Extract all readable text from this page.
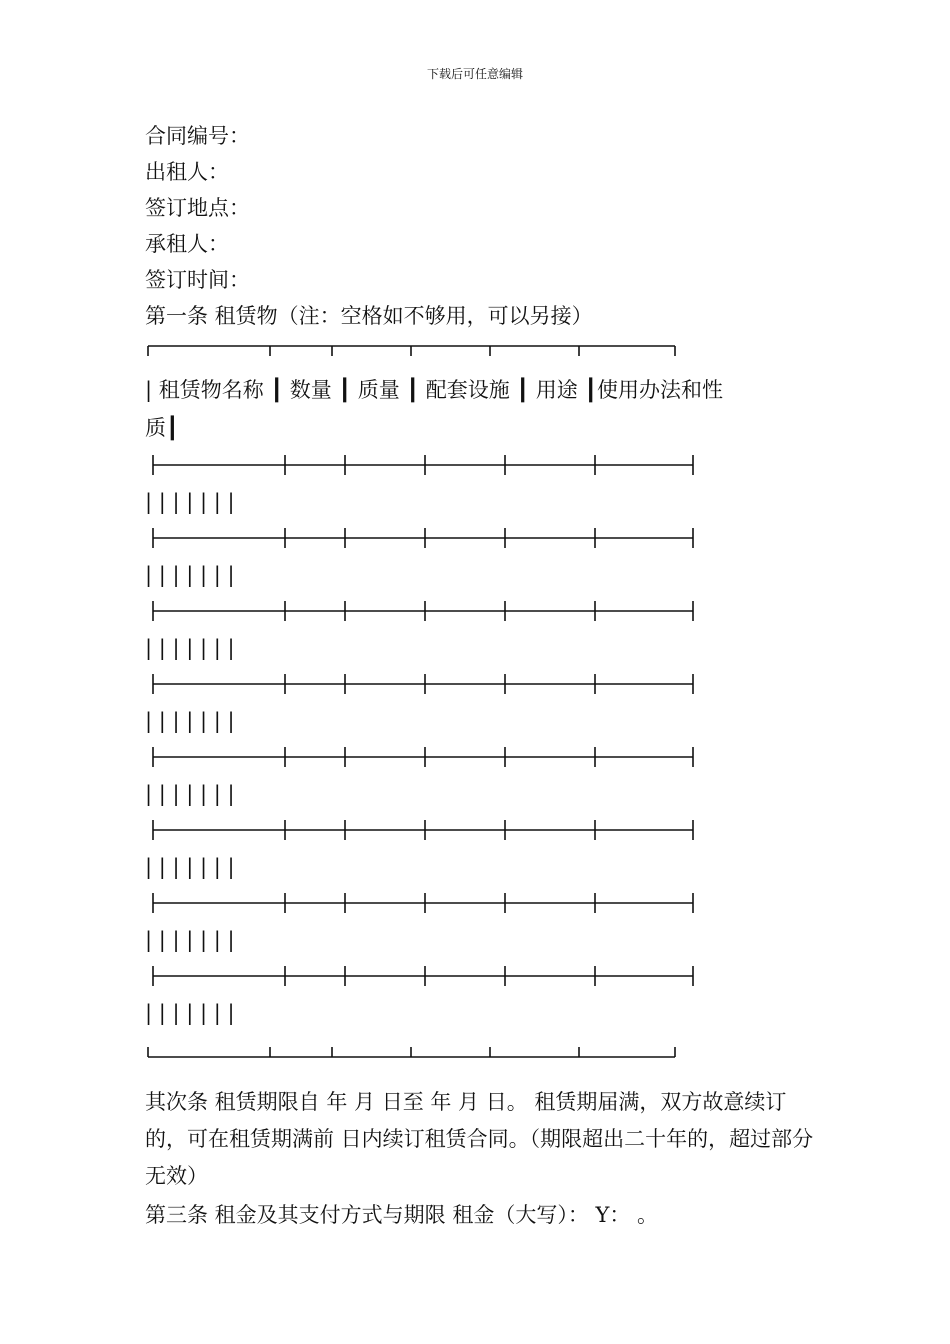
下载后可任意编辑
合同编号：
出租人：
签订地点：
承租人：
签订时间：
第一条 租赁物（注：空格如不够用，可以另接）
| 租赁物名称 ┃ 数量 ┃ 质量 ┃ 配套设施 ┃ 用途 ┃使用办法和性
质┃
| | | | | | |
| | | | | | |
| | | | | | |
| | | | | | |
| | | | | | |
| | | | | | |
| | | | | | |
| | | | | | |
其次条 租赁期限自 年 月 日至 年 月 日。 租赁期届满，双方故意续订的，可在租赁期满前 日内续订租赁合同。（期限超出二十年的，超过部分无效）
第三条 租金及其支付方式与期限 租金（大写）： Y： 。
